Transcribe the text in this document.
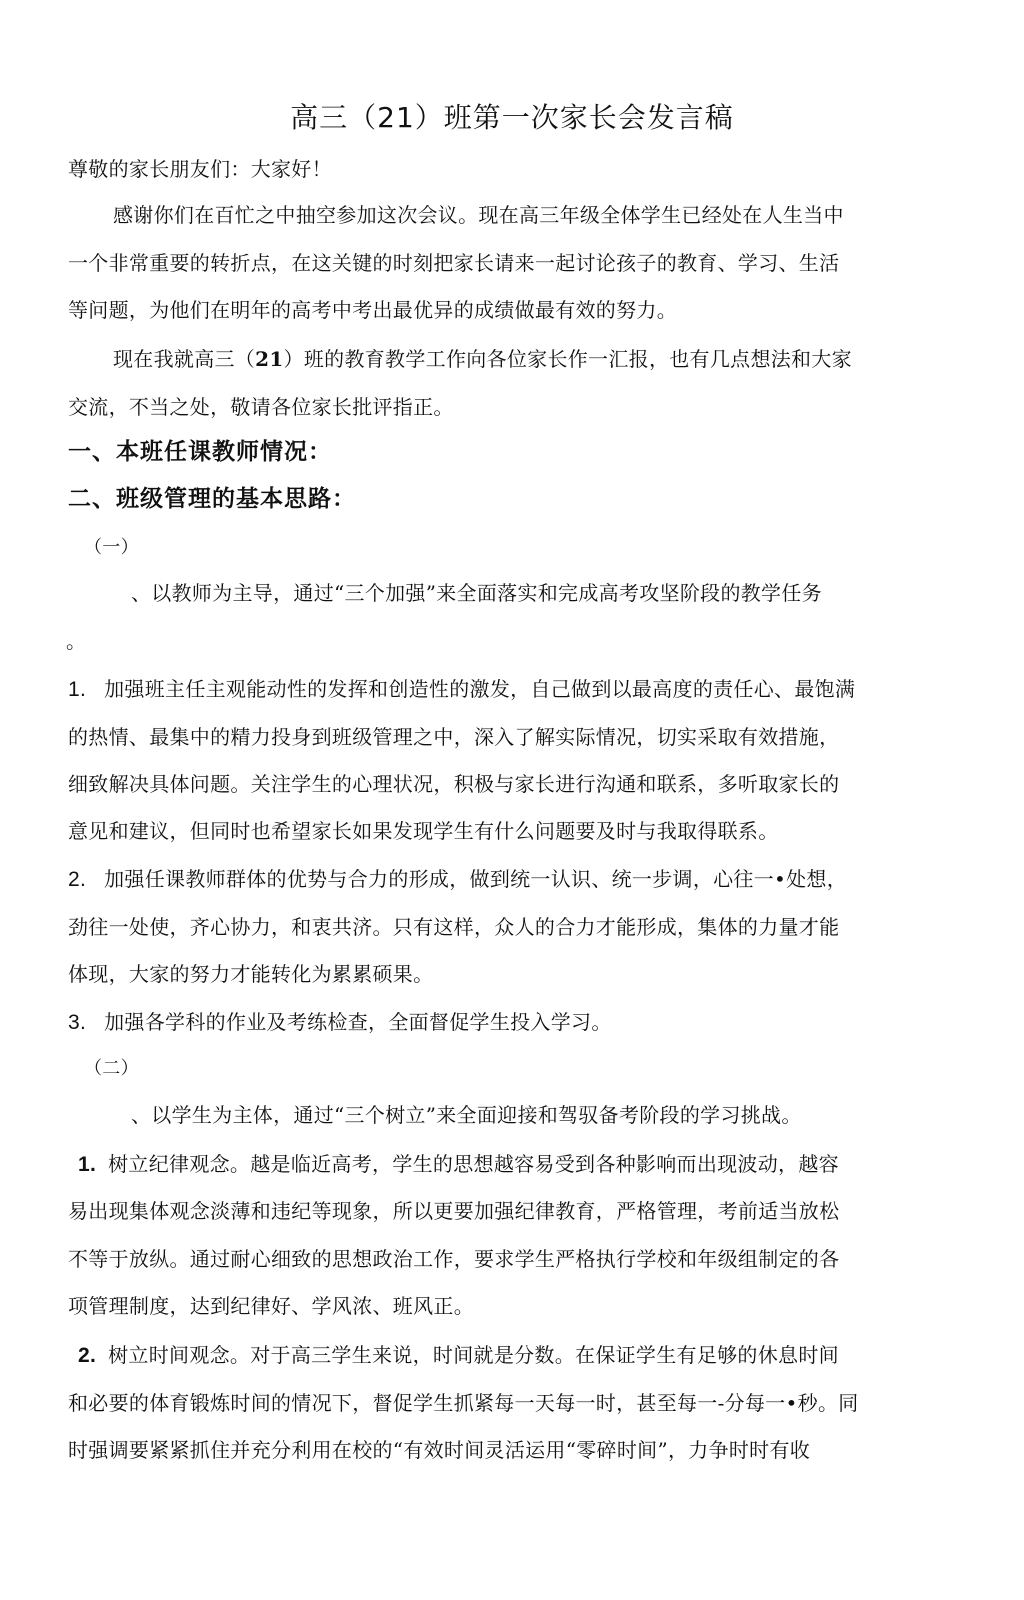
高三（21）班第一次家长会发言稿
尊敬的家长朋友们：大家好！
感谢你们在百忙之中抽空参加这次会议。现在高三年级全体学生已经处在人生当中
一个非常重要的转折点，在这关键的时刻把家长请来一起讨论孩子的教育、学习、生活
等问题，为他们在明年的高考中考出最优异的成绩做最有效的努力。
现在我就高三（21）班的教育教学工作向各位家长作一汇报，也有几点想法和大家
交流，不当之处，敬请各位家长批评指正。
一、本班任课教师情况：
二、班级管理的基本思路：
（一）
、以教师为主导，通过“三个加强”来全面落实和完成高考攻坚阶段的教学任务
。
1. 加强班主任主观能动性的发挥和创造性的激发，自己做到以最高度的责任心、最饱满
的热情、最集中的精力投身到班级管理之中，深入了解实际情况，切实采取有效措施，
细致解决具体问题。关注学生的心理状况，积极与家长进行沟通和联系，多听取家长的
意见和建议，但同时也希望家长如果发现学生有什么问题要及时与我取得联系。
2. 加强任课教师群体的优势与合力的形成，做到统一认识、统一步调，心往一•处想，
劲往一处使，齐心协力，和衷共济。只有这样，众人的合力才能形成，集体的力量才能
体现，大家的努力才能转化为累累硕果。
3. 加强各学科的作业及考练检查，全面督促学生投入学习。
（二）
、以学生为主体，通过“三个树立”来全面迎接和驾驭备考阶段的学习挑战。
1. 树立纪律观念。越是临近高考，学生的思想越容易受到各种影响而出现波动，越容
易出现集体观念淡薄和违纪等现象，所以更要加强纪律教育，严格管理，考前适当放松
不等于放纵。通过耐心细致的思想政治工作，要求学生严格执行学校和年级组制定的各
项管理制度，达到纪律好、学风浓、班风正。
2. 树立时间观念。对于高三学生来说，时间就是分数。在保证学生有足够的休息时间
和必要的体育锻炼时间的情况下，督促学生抓紧每一天每一时，甚至每一-分每一•秒。同
时强调要紧紧抓住并充分利用在校的“有效时间灵活运用“零碎时间”，力争时时有收
